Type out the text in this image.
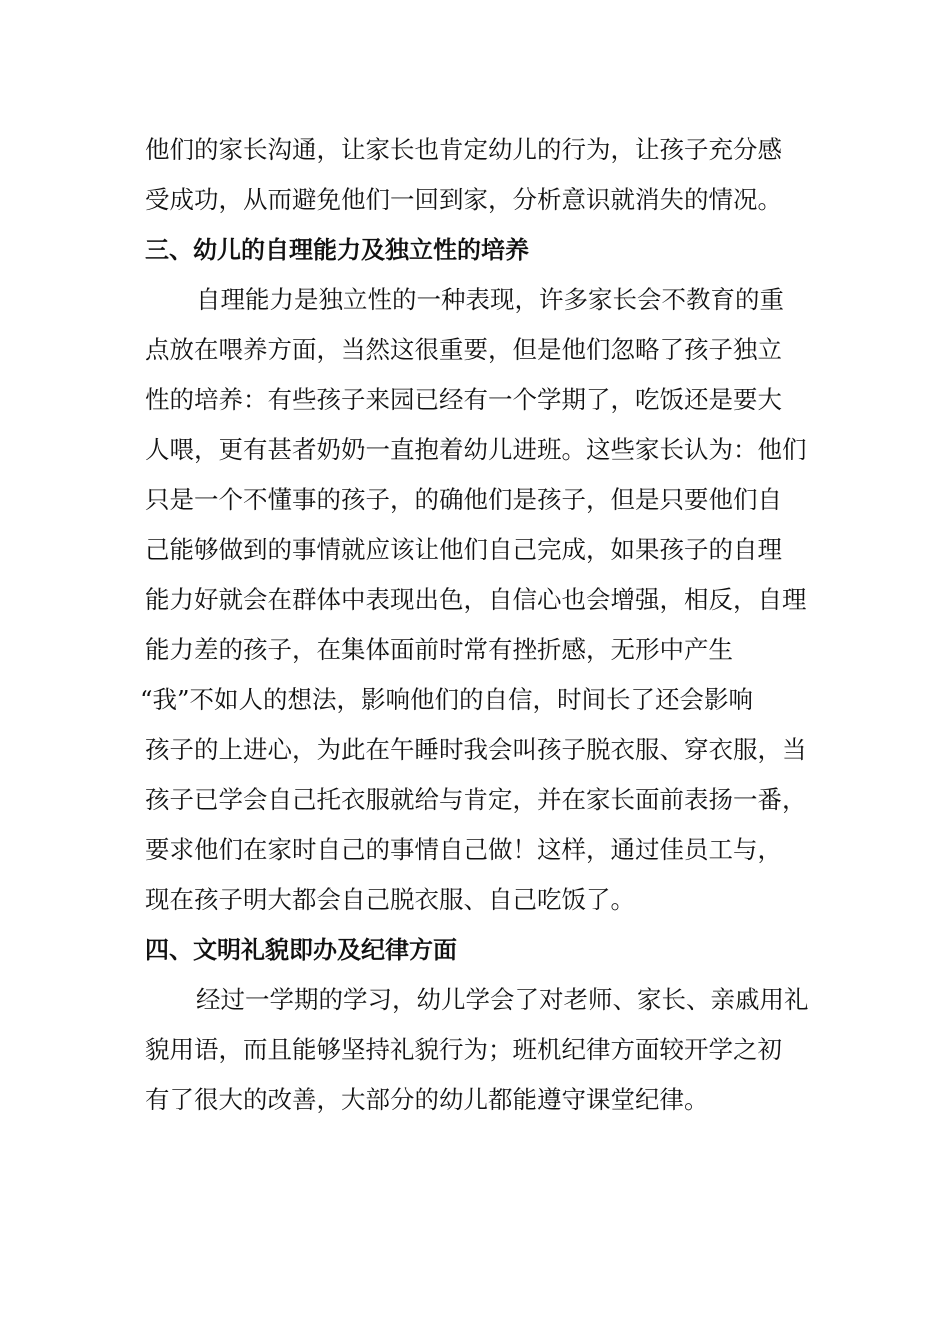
他们的家长沟通，让家长也肯定幼儿的行为，让孩子充分感
受成功，从而避免他们一回到家，分析意识就消失的情况。
三、幼儿的自理能力及独立性的培养
自理能力是独立性的一种表现，许多家长会不教育的重
点放在喂养方面，当然这很重要，但是他们忽略了孩子独立
性的培养：有些孩子来园已经有一个学期了，吃饭还是要大
人喂，更有甚者奶奶一直抱着幼儿进班。这些家长认为：他们
只是一个不懂事的孩子，的确他们是孩子，但是只要他们自
己能够做到的事情就应该让他们自己完成，如果孩子的自理
能力好就会在群体中表现出色，自信心也会增强，相反，自理
能力差的孩子，在集体面前时常有挫折感，无形中产生
“我”不如人的想法，影响他们的自信，时间长了还会影响
孩子的上进心，为此在午睡时我会叫孩子脱衣服、穿衣服，当
孩子已学会自己托衣服就给与肯定，并在家长面前表扬一番，
要求他们在家时自己的事情自己做！这样，通过佳员工与，
现在孩子明大都会自己脱衣服、自己吃饭了。
四、文明礼貌即办及纪律方面
经过一学期的学习，幼儿学会了对老师、家长、亲戚用礼
貌用语，而且能够坚持礼貌行为；班机纪律方面较开学之初
有了很大的改善，大部分的幼儿都能遵守课堂纪律。
